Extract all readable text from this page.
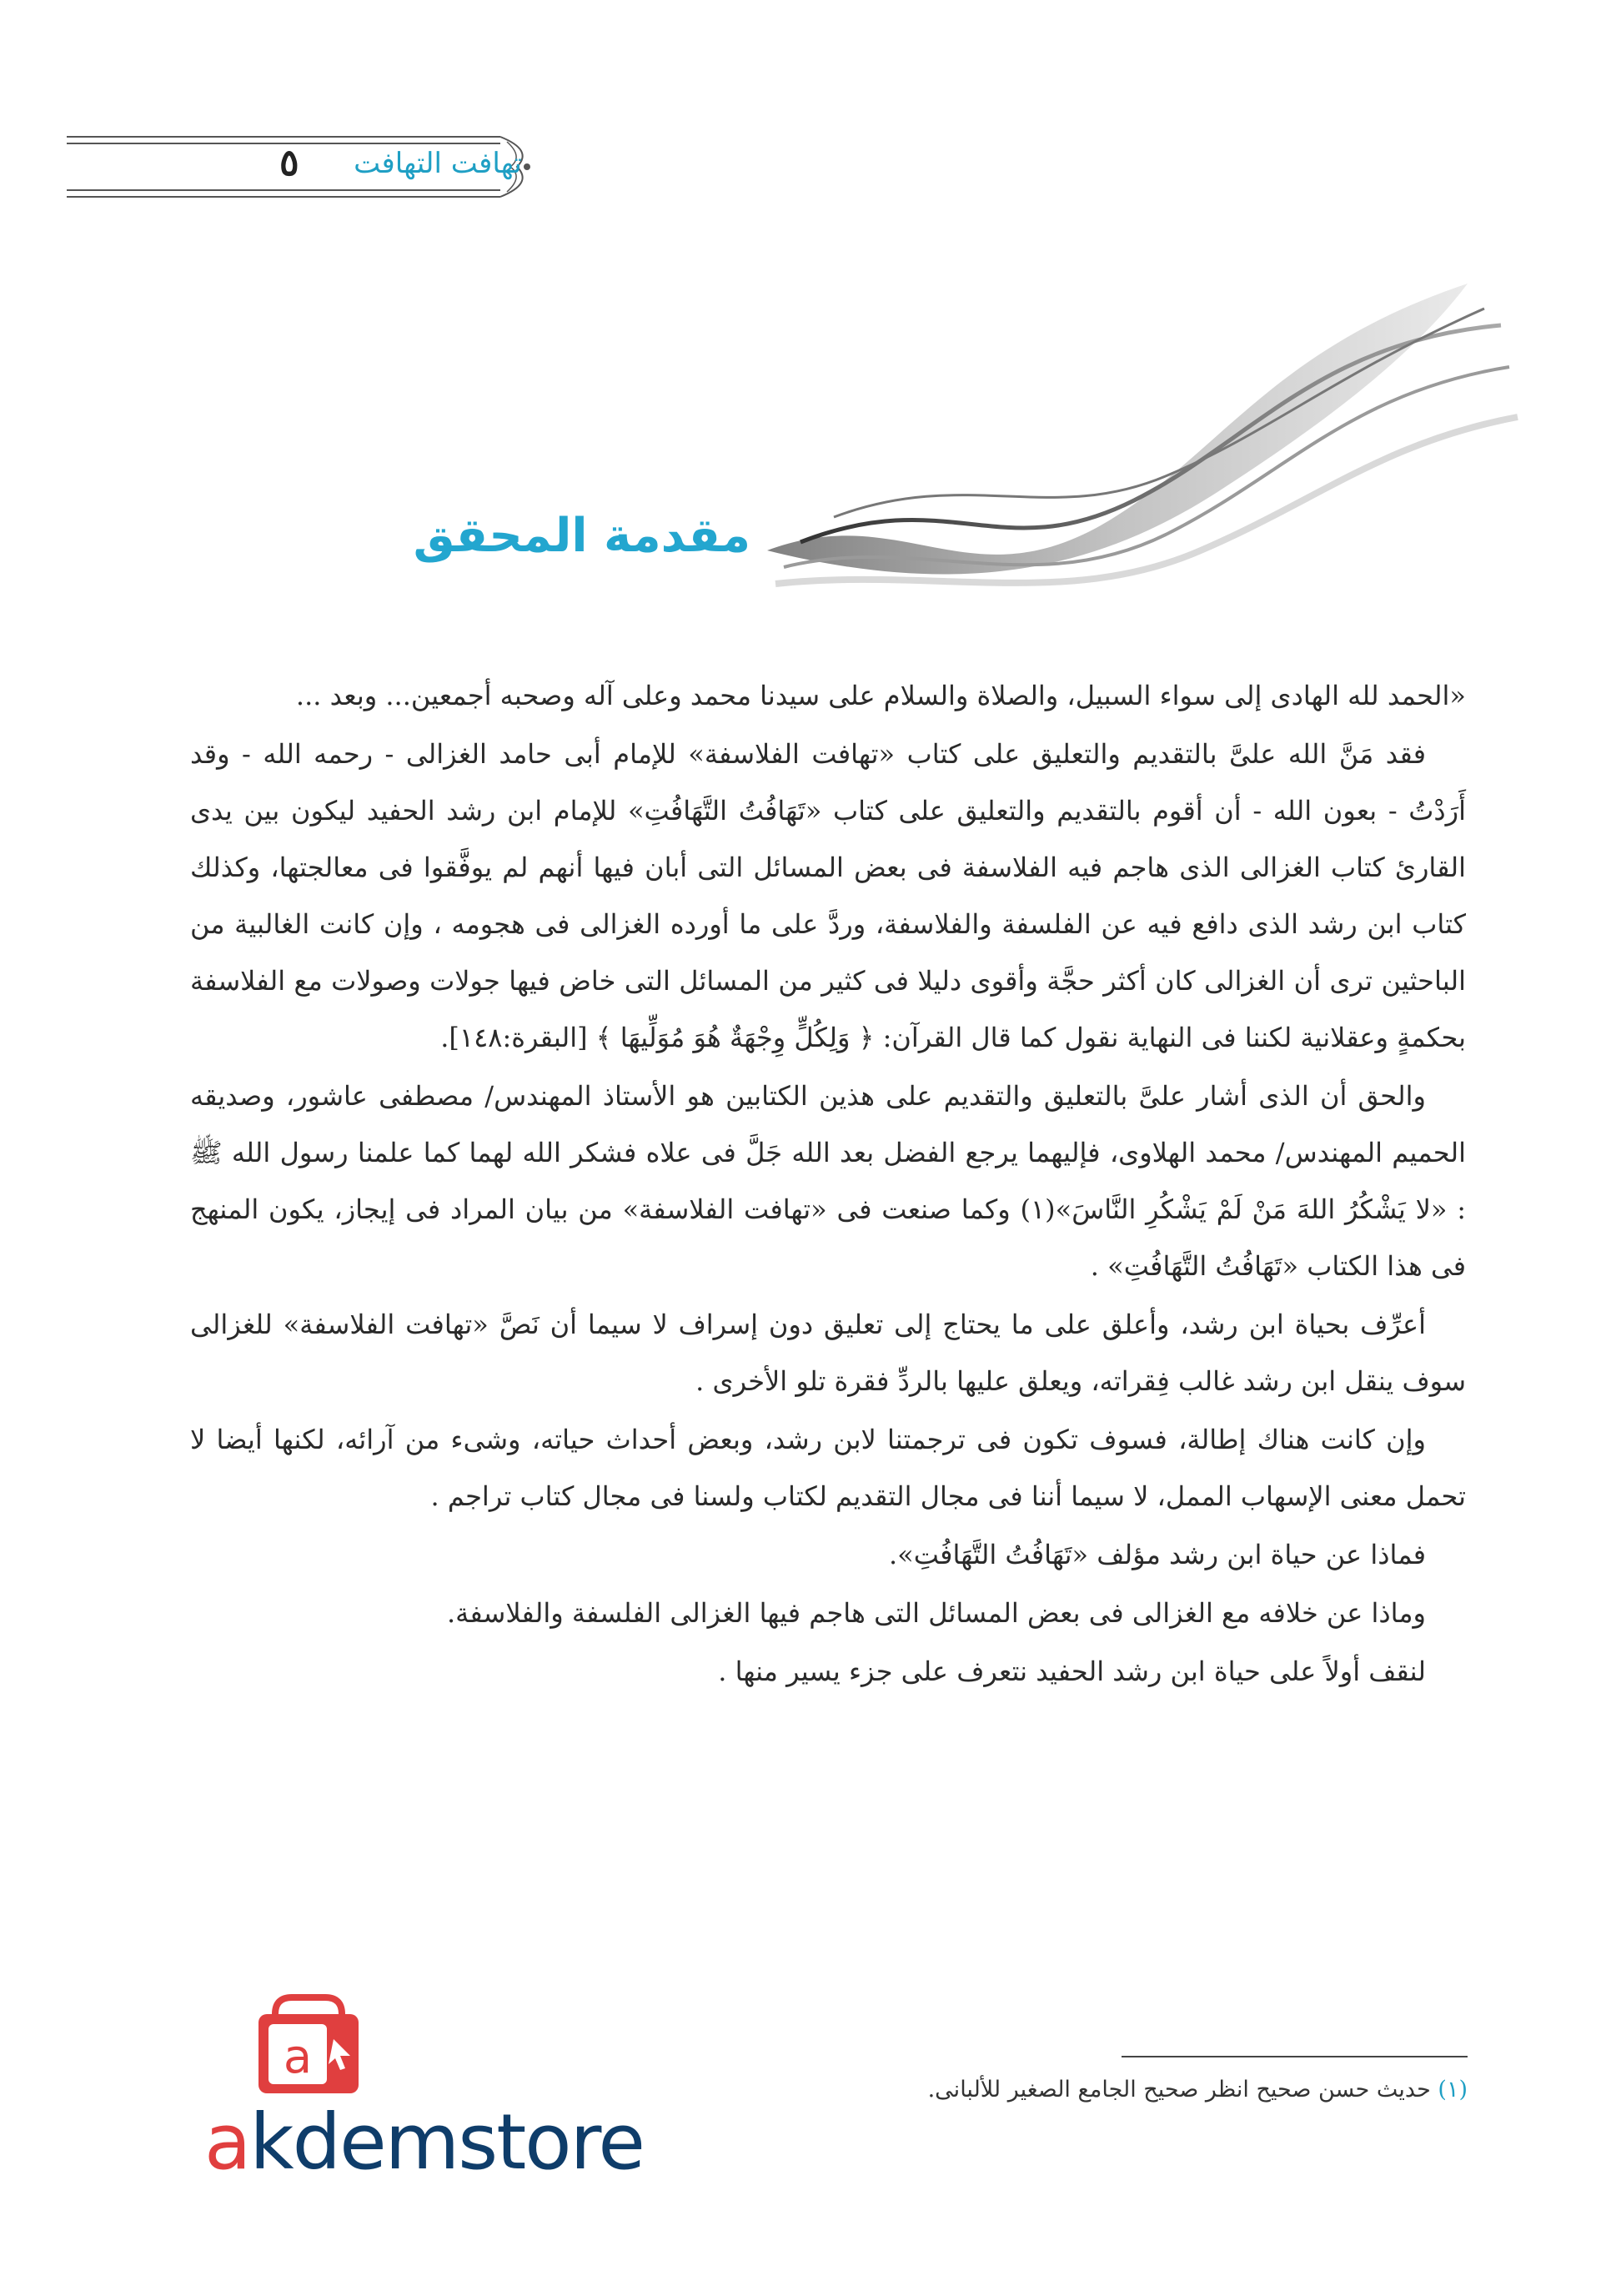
٥	تهافت التهافت
مقدمة المحقق

«الحمد لله الهادى إلى سواء السبيل، والصلاة والسلام على سيدنا محمد وعلى آله وصحبه أجمعين... وبعد ...

فقد مَنَّ الله علىَّ بالتقديم والتعليق على كتاب «تهافت الفلاسفة» للإمام أبى حامد الغزالى - رحمه الله - وقد أَرَدْتُ - بعون الله - أن أقوم بالتقديم والتعليق على كتاب «تَهَافُتُ التَّهَافُتِ» للإمام ابن رشد الحفيد ليكون بين يدى القارئ كتاب الغزالى الذى هاجم فيه الفلاسفة فى بعض المسائل التى أبان فيها أنهم لم يوفَّقوا فى معالجتها، وكذلك كتاب ابن رشد الذى دافع فيه عن الفلسفة والفلاسفة، وردَّ على ما أورده الغزالى فى هجومه ، وإن كانت الغالبية من الباحثين ترى أن الغزالى كان أكثر حجَّة وأقوى دليلا فى كثير من المسائل التى خاض فيها جولات وصولات مع الفلاسفة بحكمةٍ وعقلانية لكننا فى النهاية نقول كما قال القرآن: ﴿ وَلِكُلٍّ وِجْهَةٌ هُوَ مُوَلِّيهَا ﴾ [البقرة:١٤٨].

والحق أن الذى أشار علىَّ بالتعليق والتقديم على هذين الكتابين هو الأستاذ المهندس/ مصطفى عاشور، وصديقه الحميم المهندس/ محمد الهلاوى، فإليهما يرجع الفضل بعد الله جَلَّ فى علاه فشكر الله لهما كما علمنا رسول الله ﷺ : «لا يَشْكُرُ اللهَ مَنْ لَمْ يَشْكُرِ النَّاسَ»(١) وكما صنعت فى «تهافت الفلاسفة» من بيان المراد فى إيجاز، يكون المنهج فى هذا الكتاب «تَهَافُتُ التَّهَافُتِ» .

أعرِّف بحياة ابن رشد، وأعلق على ما يحتاج إلى تعليق دون إسراف لا سيما أن نَصَّ «تهافت الفلاسفة» للغزالى سوف ينقل ابن رشد غالب فِقراته، ويعلق عليها بالردِّ فقرة تلو الأخرى .

وإن كانت هناك إطالة، فسوف تكون فى ترجمتنا لابن رشد، وبعض أحداث حياته، وشىء من آرائه، لكنها أيضا لا تحمل معنى الإسهاب الممل، لا سيما أننا فى مجال التقديم لكتاب ولسنا فى مجال كتاب تراجم .

فماذا عن حياة ابن رشد مؤلف «تَهَافُتُ التَّهَافُتِ».

وماذا عن خلافه مع الغزالى فى بعض المسائل التى هاجم فيها الغزالى الفلسفة والفلاسفة.

لنقف أولاً على حياة ابن رشد الحفيد نتعرف على جزء يسير منها .

a
akdemstore
(١) حديث حسن صحيح انظر صحيح الجامع الصغير للألبانى.
